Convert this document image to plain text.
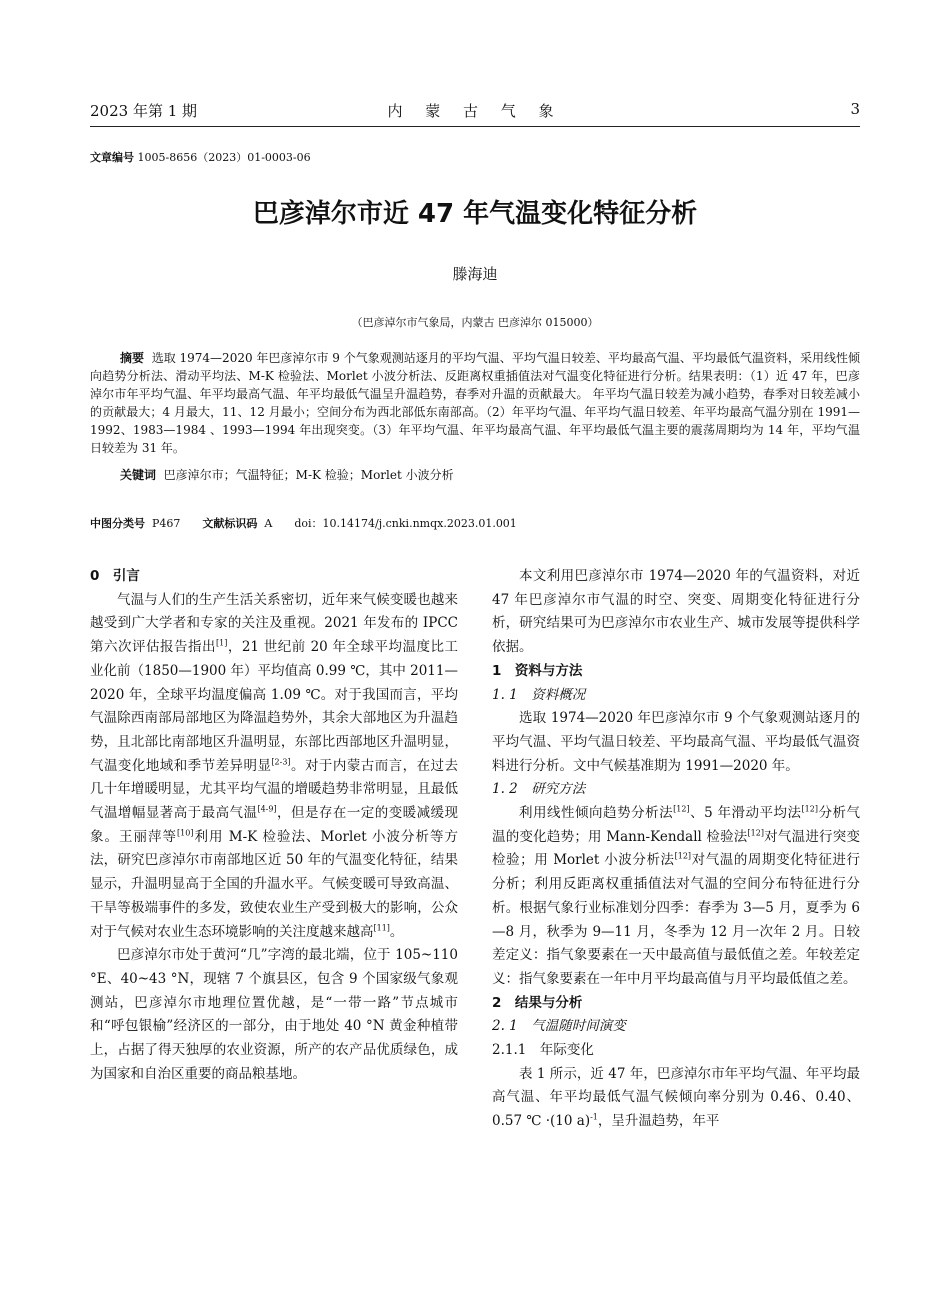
2023 年第 1 期	内 蒙 古 气 象	3
文章编号 1005-8656（2023）01-0003-06
巴彦淖尔市近 47 年气温变化特征分析
滕海迪
（巴彦淖尔市气象局，内蒙古 巴彦淖尔 015000）
摘要 选取 1974—2020 年巴彦淖尔市 9 个气象观测站逐月的平均气温、平均气温日较差、平均最高气温、平均最低气温资料，采用线性倾向趋势分析法、滑动平均法、M-K 检验法、Morlet 小波分析法、反距离权重插值法对气温变化特征进行分析。结果表明：（1）近 47 年，巴彦淖尔市年平均气温、年平均最高气温、年平均最低气温呈升温趋势，春季对升温的贡献最大。 年平均气温日较差为减小趋势，春季对日较差减小的贡献最大；4 月最大，11、12 月最小；空间分布为西北部低东南部高。（2）年平均气温、年平均气温日较差、年平均最高气温分别在 1991—1992、1983—1984 、1993—1994 年出现突变。（3）年平均气温、年平均最高气温、年平均最低气温主要的震荡周期均为 14 年，平均气温日较差为 31 年。
关键词 巴彦淖尔市；气温特征；M-K 检验；Morlet 小波分析
中图分类号 P467 文献标识码 A doi：10.14174/j.cnki.nmqx.2023.01.001
0　引言

气温与人们的生产生活关系密切，近年来气候变暖也越来越受到广大学者和专家的关注及重视。2021 年发布的 IPCC 第六次评估报告指出[1]，21 世纪前 20 年全球平均温度比工业化前（1850—1900 年）平均值高 0.99 ℃，其中 2011—2020 年，全球平均温度偏高 1.09 ℃。对于我国而言，平均气温除西南部局部地区为降温趋势外，其余大部地区为升温趋势，且北部比南部地区升温明显，东部比西部地区升温明显，气温变化地域和季节差异明显[2-3]。对于内蒙古而言，在过去几十年增暖明显，尤其平均气温的增暖趋势非常明显，且最低气温增幅显著高于最高气温[4-9]，但是存在一定的变暖减缓现象。王丽萍等[10]利用 M-K 检验法、Morlet 小波分析等方法，研究巴彦淖尔市南部地区近 50 年的气温变化特征，结果显示，升温明显高于全国的升温水平。气候变暖可导致高温、干旱等极端事件的多发，致使农业生产受到极大的影响，公众对于气候对农业生态环境影响的关注度越来越高[11]。

巴彦淖尔市处于黄河“几”字湾的最北端，位于 105~110 °E、40~43 °N，现辖 7 个旗县区，包含 9 个国家级气象观测站，巴彦淖尔市地理位置优越，是“一带一路”节点城市和“呼包银榆”经济区的一部分，由于地处 40 °N 黄金种植带上，占据了得天独厚的农业资源，所产的农产品优质绿色，成为国家和自治区重要的商品粮基地。

本文利用巴彦淖尔市 1974—2020 年的气温资料，对近 47 年巴彦淖尔市气温的时空、突变、周期变化特征进行分析，研究结果可为巴彦淖尔市农业生产、城市发展等提供科学依据。

1　资料与方法
1. 1　资料概况

选取 1974—2020 年巴彦淖尔市 9 个气象观测站逐月的平均气温、平均气温日较差、平均最高气温、平均最低气温资料进行分析。文中气候基准期为 1991—2020 年。

1. 2　研究方法

利用线性倾向趋势分析法[12]、5 年滑动平均法[12]分析气温的变化趋势；用 Mann-Kendall 检验法[12]对气温进行突变检验；用 Morlet 小波分析法[12]对气温的周期变化特征进行分析；利用反距离权重插值法对气温的空间分布特征进行分析。根据气象行业标准划分四季：春季为 3—5 月，夏季为 6—8 月，秋季为 9—11 月，冬季为 12 月一次年 2 月。日较差定义：指气象要素在一天中最高值与最低值之差。年较差定义：指气象要素在一年中月平均最高值与月平均最低值之差。

2　结果与分析
2. 1　气温随时间演变
2.1.1　年际变化

表 1 所示，近 47 年，巴彦淖尔市年平均气温、年平均最高气温、年平均最低气温气候倾向率分别为 0.46、0.40、0.57 ℃ ·(10 a)$^{-1}$，呈升温趋势，年平
